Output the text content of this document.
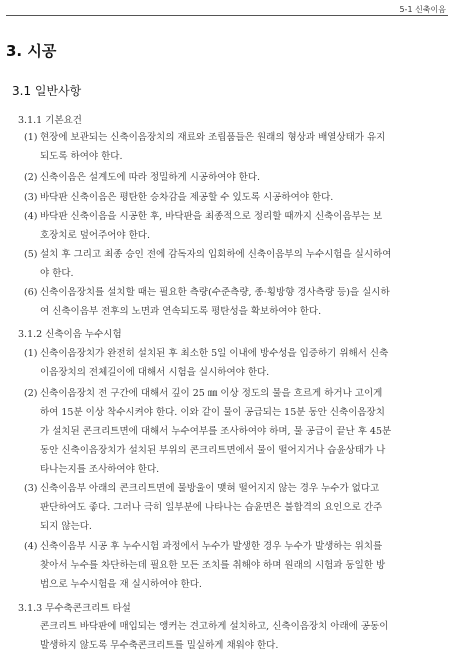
5-1 신축이음
3. 시공
3.1 일반사항
3.1.1 기본요건
(1) 현장에 보관되는 신축이음장치의 재료와 조립품들은 원래의 형상과 배열상태가 유지
되도록 하여야 한다.
(2) 신축이음은 설계도에 따라 정밀하게 시공하여야 한다.
(3) 바닥판 신축이음은 평탄한 승차감을 제공할 수 있도록 시공하여야 한다.
(4) 바닥판 신축이음을 시공한 후, 바닥판을 최종적으로 정리할 때까지 신축이음부는 보
호장치로 덮어주어야 한다.
(5) 설치 후 그리고 최종 승인 전에 감독자의 입회하에 신축이음부의 누수시험을 실시하여
야 한다.
(6) 신축이음장치를 설치할 때는 필요한 측량(수준측량, 종·횡방향 경사측량 등)을 실시하
여 신축이음부 전후의 노면과 연속되도록 평탄성을 확보하여야 한다.
3.1.2 신축이음 누수시험
(1) 신축이음장치가 완전히 설치된 후 최소한 5일 이내에 방수성을 입증하기 위해서 신축
이음장치의 전체길이에 대해서 시험을 실시하여야 한다.
(2) 신축이음장치 전 구간에 대해서 깊이 25 ㎜ 이상 정도의 물을 흐르게 하거나 고이게
하여 15분 이상 착수시켜야 한다. 이와 같이 물이 공급되는 15분 동안 신축이음장치
가 설치된 콘크리트면에 대해서 누수여부를 조사하여야 하며, 물 공급이 끝난 후 45분
동안 신축이음장치가 설치된 부위의 콘크리트면에서 물이 떨어지거나 습윤상태가 나
타나는지를 조사하여야 한다.
(3) 신축이음부 아래의 콘크리트면에 물방울이 맺혀 떨어지지 않는 경우 누수가 없다고
판단하여도 좋다. 그러나 극히 일부분에 나타나는 습윤면은 불합격의 요인으로 간주
되지 않는다.
(4) 신축이음부 시공 후 누수시험 과정에서 누수가 발생한 경우 누수가 발생하는 위치를
찾아서 누수를 차단하는데 필요한 모든 조치를 취해야 하며 원래의 시험과 동일한 방
법으로 누수시험을 재 실시하여야 한다.
3.1.3 무수축콘크리트 타설
콘크리트 바닥판에 매입되는 앵커는 견고하게 설치하고, 신축이음장치 아래에 공동이
발생하지 않도록 무수축콘크리트를 밀실하게 채워야 한다.
